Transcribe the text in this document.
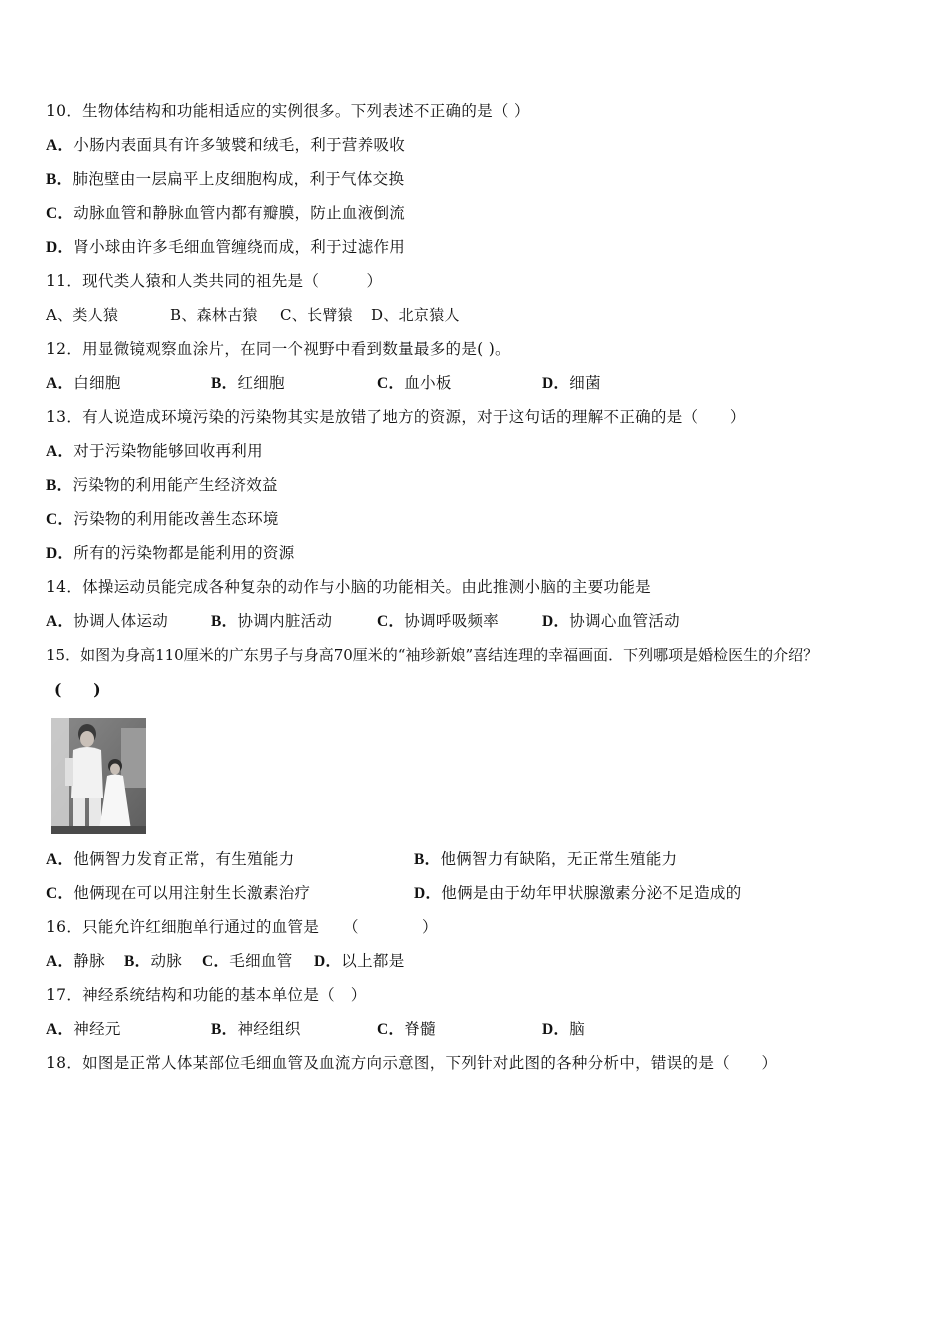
10．生物体结构和功能相适应的实例很多。下列表述不正确的是（ ）
A．小肠内表面具有许多皱襞和绒毛，利于营养吸收
B．肺泡壁由一层扁平上皮细胞构成，利于气体交换
C．动脉血管和静脉血管内都有瓣膜，防止血液倒流
D．肾小球由许多毛细血管缠绕而成，利于过滤作用
11．现代类人猿和人类共同的祖先是（　　　）
A、类人猿	B、森林古猿 C、长臂猿 D、北京猿人
12．用显微镜观察血涂片，在同一个视野中看到数量最多的是( )。
A．白细胞	B．红细胞	C．血小板	D．细菌
13．有人说造成环境污染的污染物其实是放错了地方的资源，对于这句话的理解不正确的是（　　）
A．对于污染物能够回收再利用
B．污染物的利用能产生经济效益
C．污染物的利用能改善生态环境
D．所有的污染物都是能利用的资源
14．体操运动员能完成各种复杂的动作与小脑的功能相关。由此推测小脑的主要功能是
A．协调人体运动	B．协调内脏活动	C．协调呼吸频率	D．协调心血管活动
15．如图为身高110厘米的广东男子与身高70厘米的“袖珍新娘”喜结连理的幸福画面．下列哪项是婚检医生的介绍？
(　　)
A．他俩智力发育正常，有生殖能力	B．他俩智力有缺陷，无正常生殖能力
C．他俩现在可以用注射生长激素治疗	D．他俩是由于幼年甲状腺激素分泌不足造成的
16．只能允许红细胞单行通过的血管是　　（　　　　）
A．静脉 B．动脉 C．毛细血管 D．以上都是
17．神经系统结构和功能的基本单位是（　）
A．神经元	B．神经组织	C．脊髓	D．脑
18．如图是正常人体某部位毛细血管及血流方向示意图，下列针对此图的各种分析中，错误的是（　　）
